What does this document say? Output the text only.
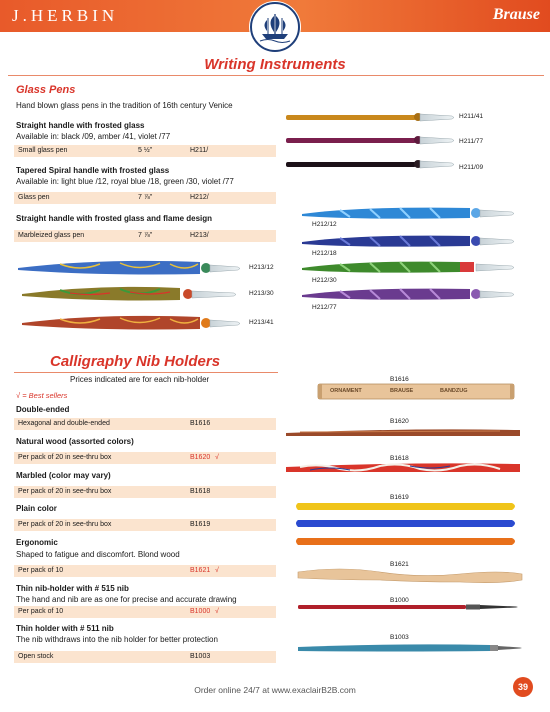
J.HERBIN	Brause
Writing Instruments
Glass Pens
Hand blown glass pens in the tradition of 16th century Venice
Straight handle with frosted glass
Available in: black /09, amber /41, violet /77
Small glass pen	5 ½"	H211/
Tapered Spiral handle with frosted glass
Available in: light blue /12, royal blue /18, green /30, violet /77
Glass pen	7 ⅞"	H212/
Straight handle with frosted glass and flame design
Marbleized glass pen	7 ⅞"	H213/
H211/41
H211/77
H211/09
H212/12
H212/18
H212/30
H212/77
H213/12
H213/30
H213/41
Calligraphy Nib Holders
Prices indicated are for each nib-holder
√ = Best sellers
Double-ended
Hexagonal and double-ended	B1616
Natural wood (assorted colors)
Per pack of 20 in see-thru box	B1620 √
Marbled (color may vary)
Per pack of 20 in see-thru box	B1618
Plain color
Per pack of 20 in see-thru box	B1619
Ergonomic
Shaped to fatigue and discomfort. Blond wood
Per pack of 10	B1621 √
Thin nib-holder with # 515 nib
The hand and nib are as one for precise and accurate drawing
Per pack of 10	B1000 √
Thin holder with # 511 nib
The nib withdraws into the nib holder for better protection
Open stock	B1003
B1616
B1620
B1618
B1619
B1621
B1000
B1003
ORNAMENT	BRAUSE	BANDZUG
Order online 24/7 at www.exaclairB2B.com	39
